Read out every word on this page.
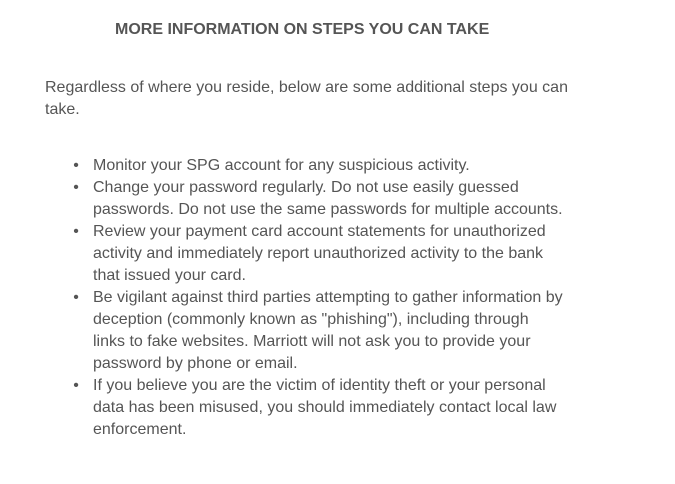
MORE INFORMATION ON STEPS YOU CAN TAKE

Regardless of where you reside, below are some additional steps you can take.

• Monitor your SPG account for any suspicious activity.
• Change your password regularly. Do not use easily guessed passwords. Do not use the same passwords for multiple accounts.
• Review your payment card account statements for unauthorized activity and immediately report unauthorized activity to the bank that issued your card.
• Be vigilant against third parties attempting to gather information by deception (commonly known as "phishing"), including through links to fake websites. Marriott will not ask you to provide your password by phone or email.
• If you believe you are the victim of identity theft or your personal data has been misused, you should immediately contact local law enforcement.
